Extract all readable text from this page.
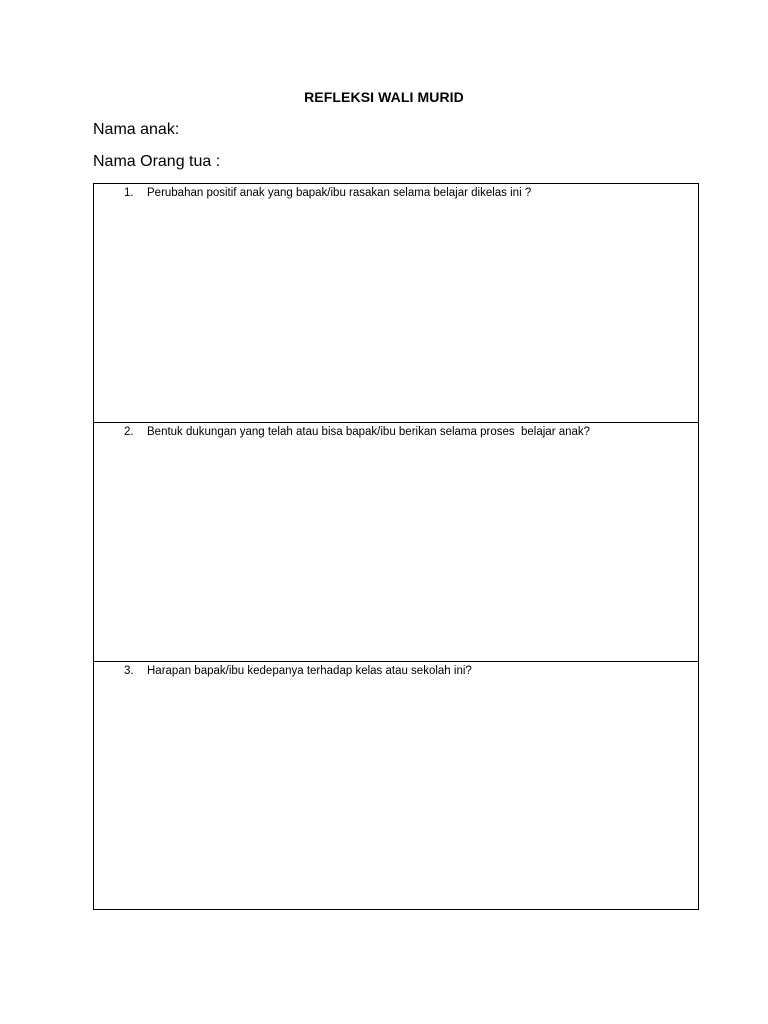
REFLEKSI WALI MURID
Nama anak:
Nama Orang tua :
1. Perubahan positif anak yang bapak/ibu rasakan selama belajar dikelas ini ?
2. Bentuk dukungan yang telah atau bisa bapak/ibu berikan selama proses  belajar anak?
3. Harapan bapak/ibu kedepanya terhadap kelas atau sekolah ini?
